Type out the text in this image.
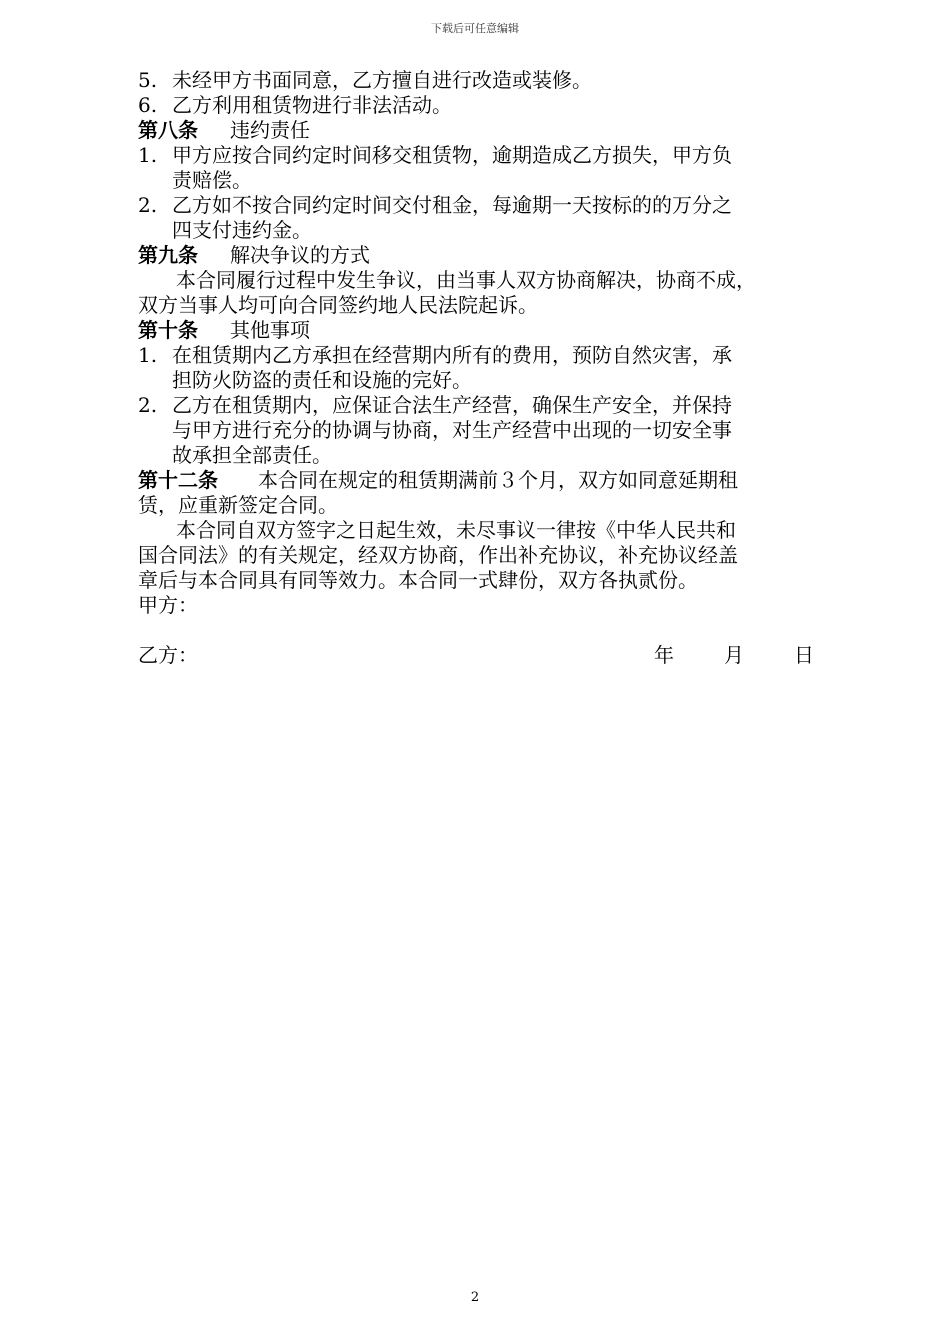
下载后可任意编辑
5. 未经甲方书面同意，乙方擅自进行改造或装修。
6. 乙方利用租赁物进行非法活动。
第八条 违约责任
1. 甲方应按合同约定时间移交租赁物，逾期造成乙方损失，甲方负
责赔偿。
2. 乙方如不按合同约定时间交付租金，每逾期一天按标的的万分之
四支付违约金。
第九条 解决争议的方式
本合同履行过程中发生争议，由当事人双方协商解决，协商不成，
双方当事人均可向合同签约地人民法院起诉。
第十条 其他事项
1. 在租赁期内乙方承担在经营期内所有的费用，预防自然灾害，承
担防火防盗的责任和设施的完好。
2. 乙方在租赁期内，应保证合法生产经营，确保生产安全，并保持
与甲方进行充分的协调与协商，对生产经营中出现的一切安全事
故承担全部责任。
第十二条 本合同在规定的租赁期满前３个月，双方如同意延期租
赁，应重新签定合同。
本合同自双方签字之日起生效，未尽事议一律按《中华人民共和
国合同法》的有关规定，经双方协商，作出补充协议，补充协议经盖
章后与本合同具有同等效力。本合同一式肆份，双方各执贰份。
甲方：
乙方：	年	月	日
2
